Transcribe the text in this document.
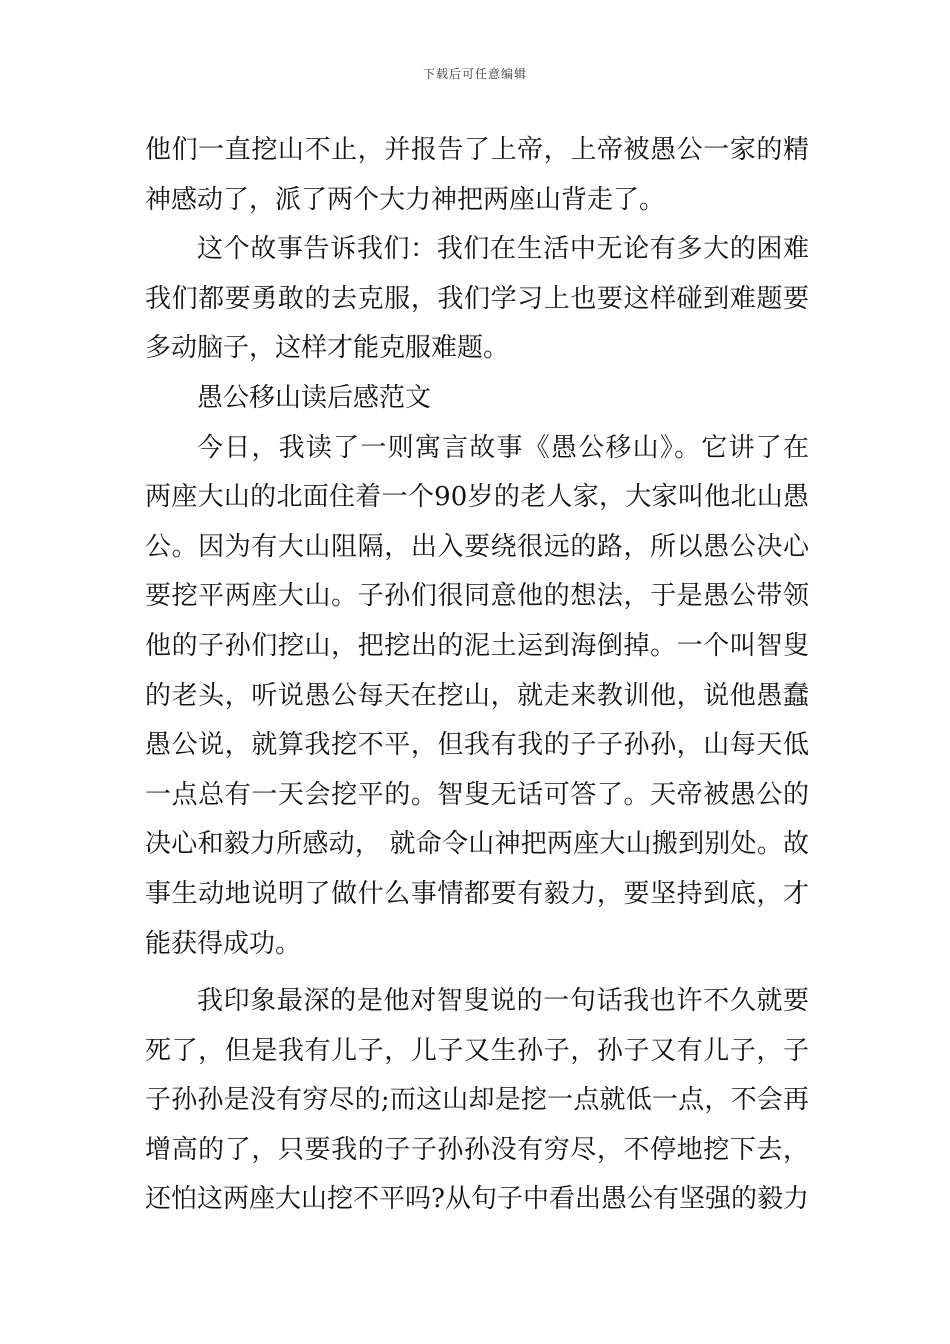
下载后可任意编辑
他们一直挖山不止，并报告了上帝，上帝被愚公一家的精
神感动了，派了两个大力神把两座山背走了。
这个故事告诉我们：我们在生活中无论有多大的困难
我们都要勇敢的去克服，我们学习上也要这样碰到难题要
多动脑子，这样才能克服难题。
愚公移山读后感范文
今日，我读了一则寓言故事《愚公移山》。它讲了在
两座大山的北面住着一个90岁的老人家，大家叫他北山愚
公。因为有大山阻隔，出入要绕很远的路，所以愚公决心
要挖平两座大山。子孙们很同意他的想法，于是愚公带领
他的子孙们挖山，把挖出的泥土运到海倒掉。一个叫智叟
的老头，听说愚公每天在挖山，就走来教训他，说他愚蠢
愚公说，就算我挖不平，但我有我的子子孙孙，山每天低
一点总有一天会挖平的。智叟无话可答了。天帝被愚公的
决心和毅力所感动， 就命令山神把两座大山搬到别处。故
事生动地说明了做什么事情都要有毅力，要坚持到底，才
能获得成功。
我印象最深的是他对智叟说的一句话我也许不久就要
死了，但是我有儿子，儿子又生孙子，孙子又有儿子，子
子孙孙是没有穷尽的;而这山却是挖一点就低一点，不会再
增高的了，只要我的子子孙孙没有穷尽，不停地挖下去，
还怕这两座大山挖不平吗?从句子中看出愚公有坚强的毅力
